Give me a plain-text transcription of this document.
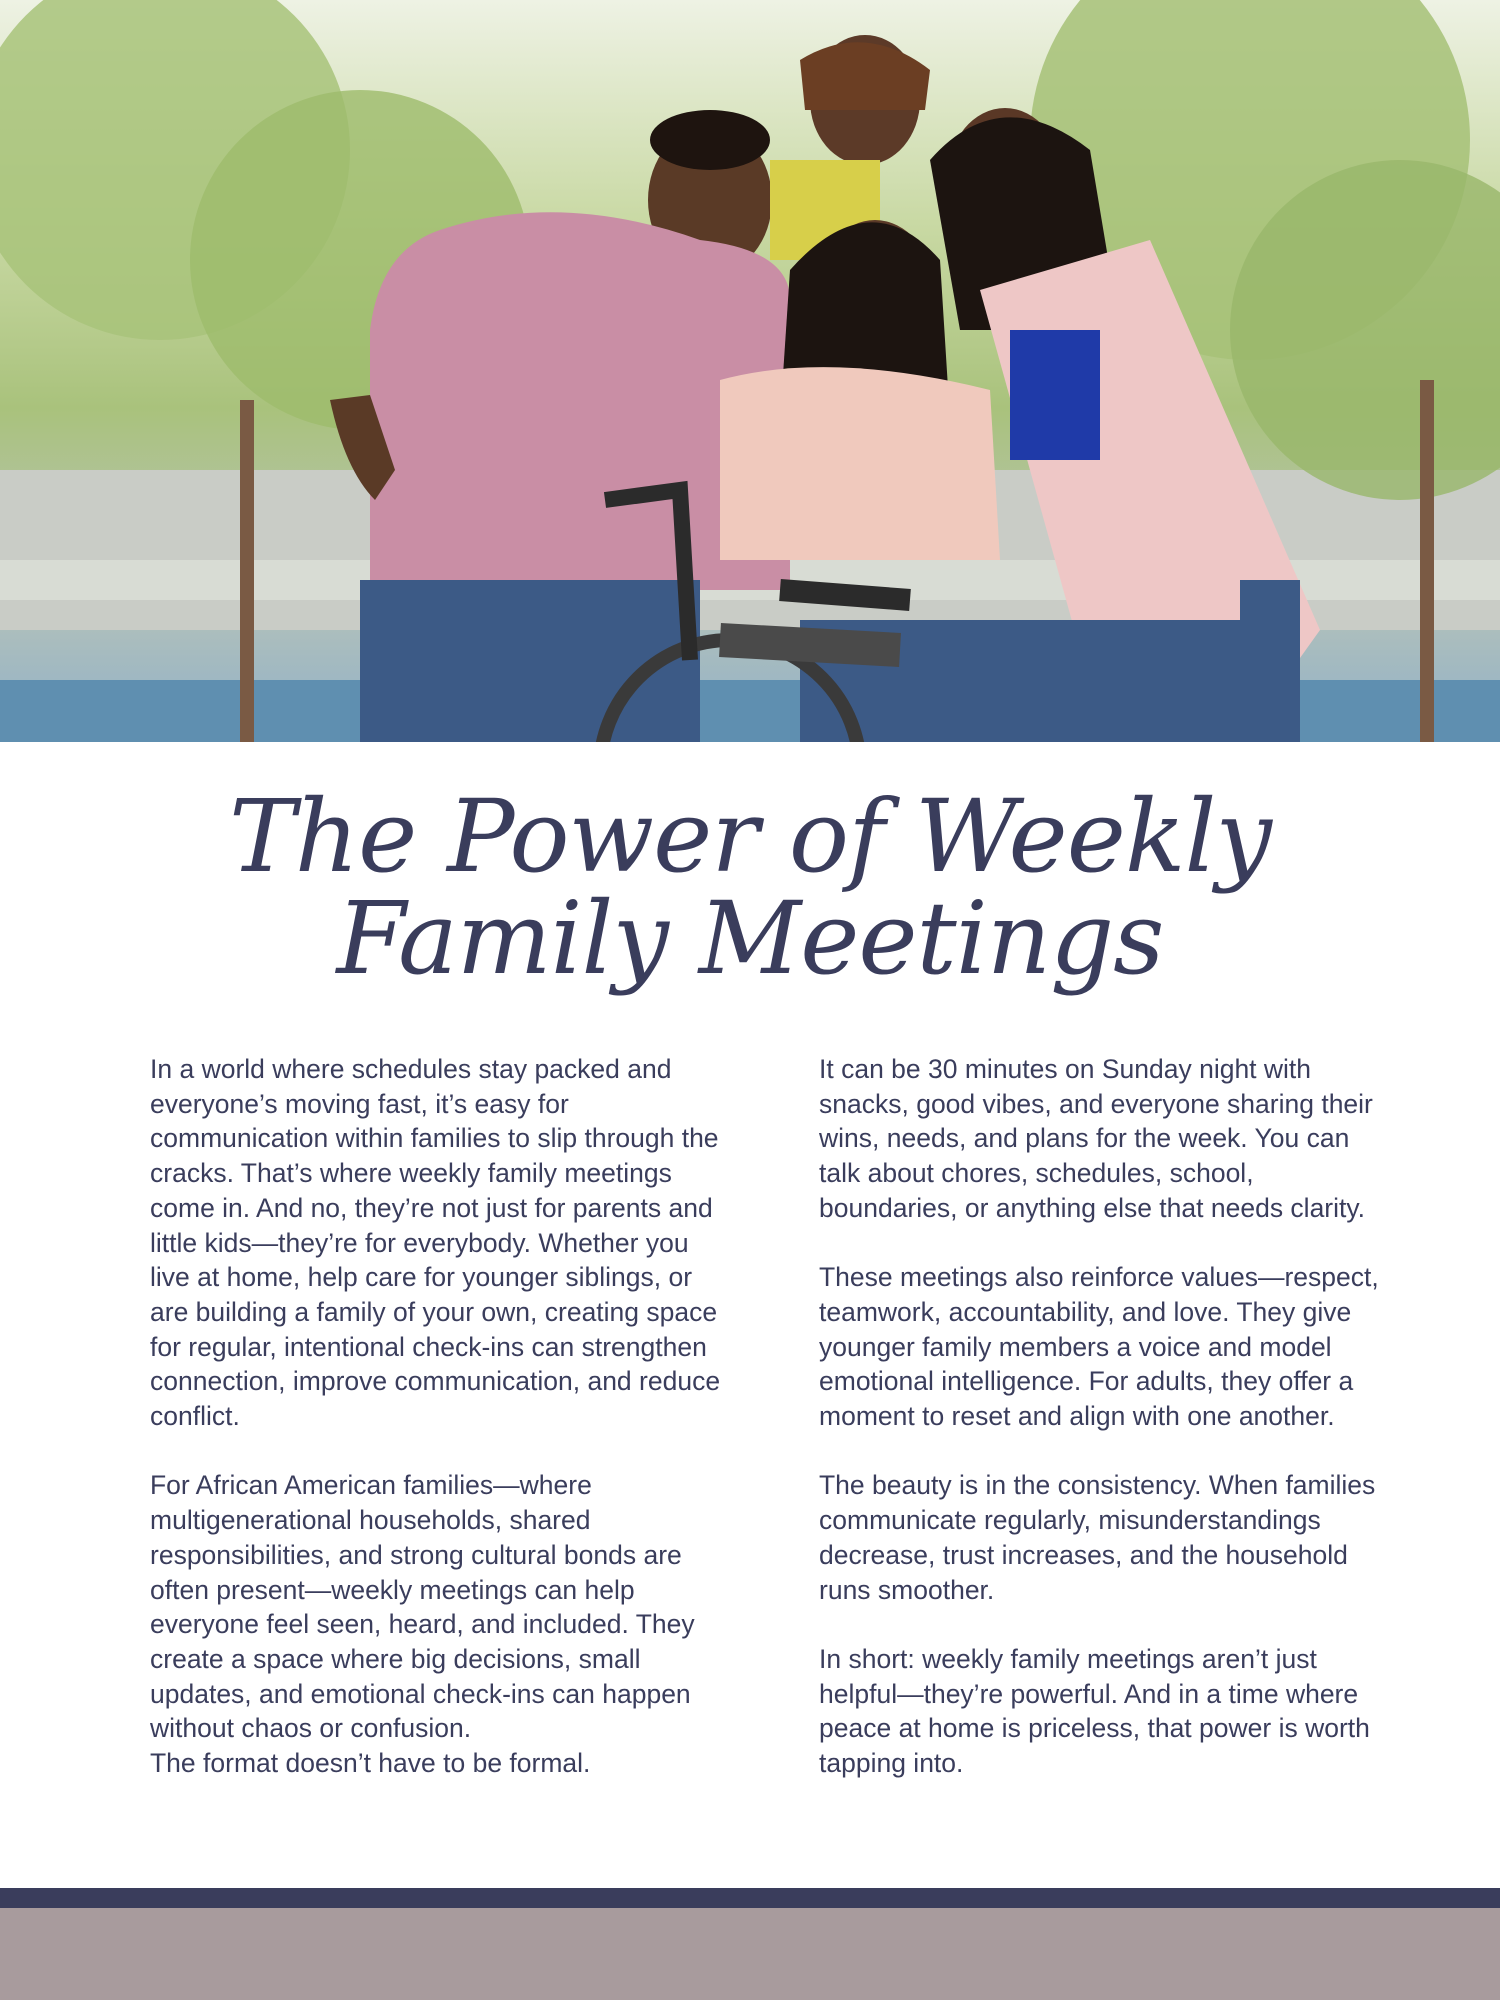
The Power of Weekly
Family Meetings

In a world where schedules stay packed and everyone’s moving fast, it’s easy for communication within families to slip through the cracks. That’s where weekly family meetings come in. And no, they’re not just for parents and little kids—they’re for everybody. Whether you live at home, help care for younger siblings, or are building a family of your own, creating space for regular, intentional check-ins can strengthen connection, improve communication, and reduce conflict.

For African American families—where multigenerational households, shared responsibilities, and strong cultural bonds are often present—weekly meetings can help everyone feel seen, heard, and included. They create a space where big decisions, small updates, and emotional check-ins can happen without chaos or confusion.

The format doesn’t have to be formal.

It can be 30 minutes on Sunday night with snacks, good vibes, and everyone sharing their wins, needs, and plans for the week. You can talk about chores, schedules, school, boundaries, or anything else that needs clarity.

These meetings also reinforce values—respect, teamwork, accountability, and love. They give younger family members a voice and model emotional intelligence. For adults, they offer a moment to reset and align with one another.

The beauty is in the consistency. When families communicate regularly, misunderstandings decrease, trust increases, and the household runs smoother.

In short: weekly family meetings aren’t just helpful—they’re powerful. And in a time where peace at home is priceless, that power is worth tapping into.
